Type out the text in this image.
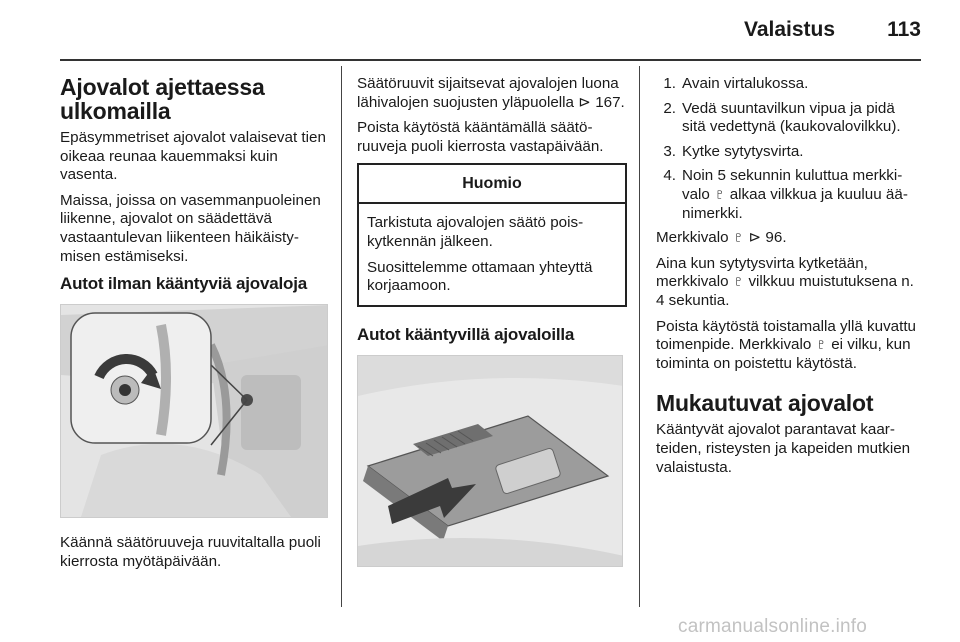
Valaistus	113
Ajovalot ajettaessa ulkomailla
Epäsymmetriset ajovalot valaisevat tien oikeaa reunaa kauemmaksi kuin vasenta.
Maissa, joissa on vasemmanpuoleinen liikenne, ajovalot on säädettävä vastaantulevan liikenteen häikäistymisen estämiseksi.
Autot ilman kääntyviä ajovaloja
Käännä säätöruuveja ruuvitaltalla puoli kierrosta myötäpäivään.
Säätöruuvit sijaitsevat ajovalojen luona lähivalojen suojusten yläpuolella ⊳ 167.
Poista käytöstä kääntämällä säätöruuveja puoli kierrosta vastapäivään.
Huomio
Tarkistuta ajovalojen säätö poiskytkennän jälkeen.
Suosittelemme ottamaan yhteyttä korjaamoon.
Autot kääntyvillä ajovaloilla
1. Avain virtalukossa.
2. Vedä suuntavilkun vipua ja pidä sitä vedettynä (kaukovalovilkku).
3. Kytke sytytysvirta.
4. Noin 5 sekunnin kuluttua merkkivalo ♇ alkaa vilkkua ja kuuluu äänimerkki.
Merkkivalo ♇ ⊳ 96.
Aina kun sytytysvirta kytketään, merkkivalo ♇ vilkkuu muistutuksena n. 4 sekuntia.
Poista käytöstä toistamalla yllä kuvattu toimenpide. Merkkivalo ♇ ei vilku, kun toiminta on poistettu käytöstä.
Mukautuvat ajovalot
Kääntyvät ajovalot parantavat kaarteiden, risteysten ja kapeiden mutkien valaistusta.
carmanualsonline.info
